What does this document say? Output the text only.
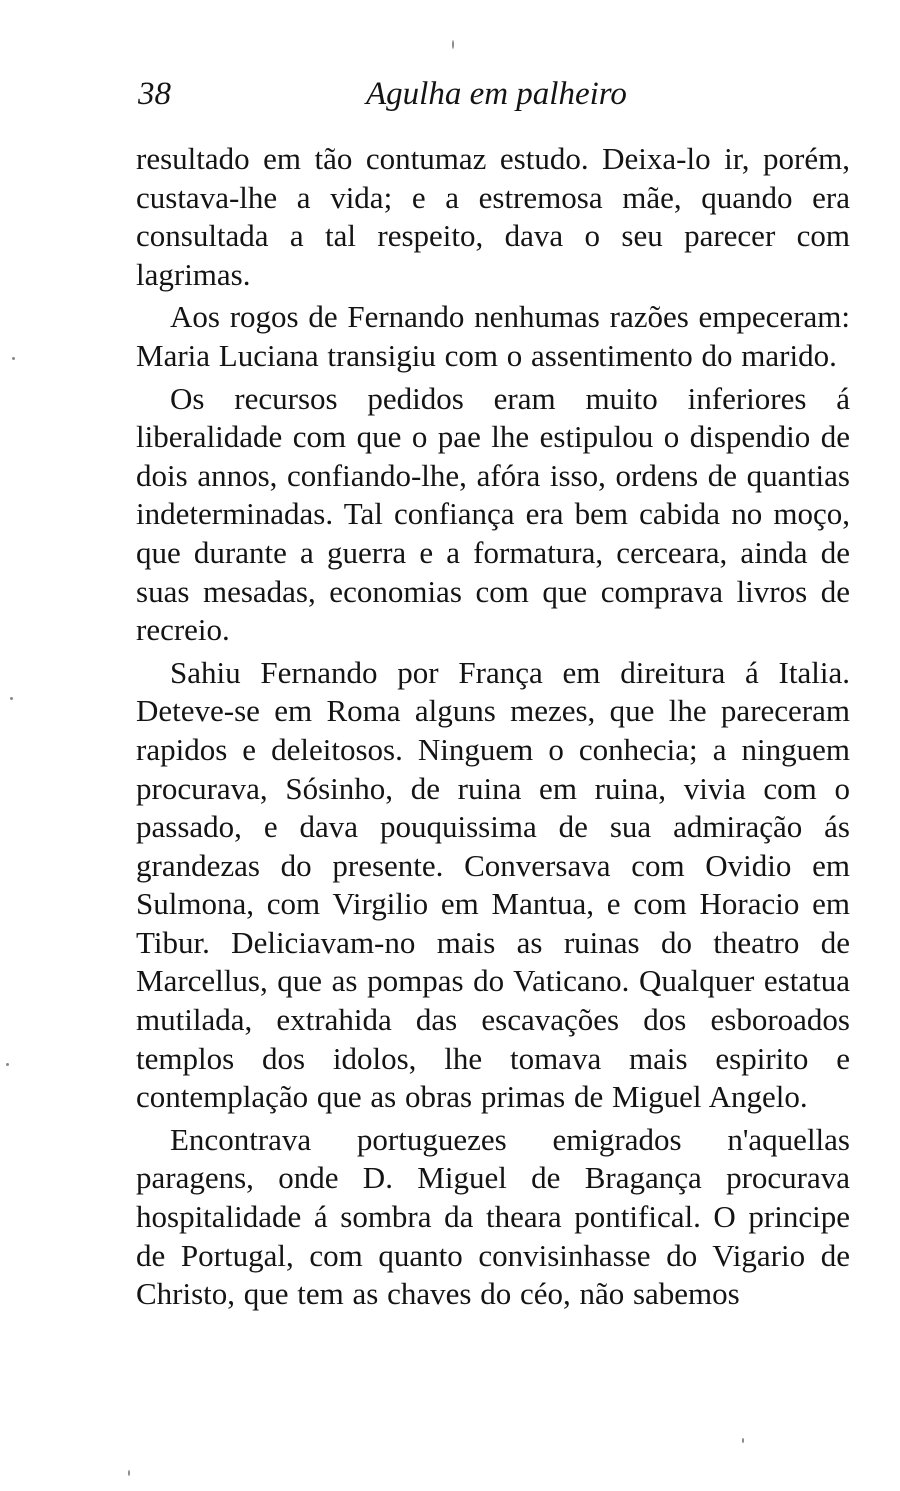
38	Agulha em palheiro

resultado em tão contumaz estudo. Deixa-lo ir, porém, custava-lhe a vida; e a estremosa mãe, quando era consultada a tal respeito, dava o seu parecer com lagrimas.

Aos rogos de Fernando nenhumas razões empeceram: Maria Luciana transigiu com o assentimento do marido.

Os recursos pedidos eram muito inferiores á liberalidade com que o pae lhe estipulou o dispendio de dois annos, confiando-lhe, afóra isso, ordens de quantias indeterminadas. Tal confiança era bem cabida no moço, que durante a guerra e a formatura, cerceara, ainda de suas mesadas, economias com que comprava livros de recreio.

Sahiu Fernando por França em direitura á Italia. Deteve-se em Roma alguns mezes, que lhe pareceram rapidos e deleitosos. Ninguem o conhecia; a ninguem procurava, Sósinho, de ruina em ruina, vivia com o passado, e dava pouquissima de sua admiração ás grandezas do presente. Conversava com Ovidio em Sulmona, com Virgilio em Mantua, e com Horacio em Tibur. Deliciavam-no mais as ruinas do theatro de Marcellus, que as pompas do Vaticano. Qualquer estatua mutilada, extrahida das escavações dos esboroados templos dos idolos, lhe tomava mais espirito e contemplação que as obras primas de Miguel Angelo.

Encontrava portuguezes emigrados n'aquellas paragens, onde D. Miguel de Bragança procurava hospitalidade á sombra da theara pontifical. O principe de Portugal, com quanto convisinhasse do Vigario de Christo, que tem as chaves do céo, não sabemos
